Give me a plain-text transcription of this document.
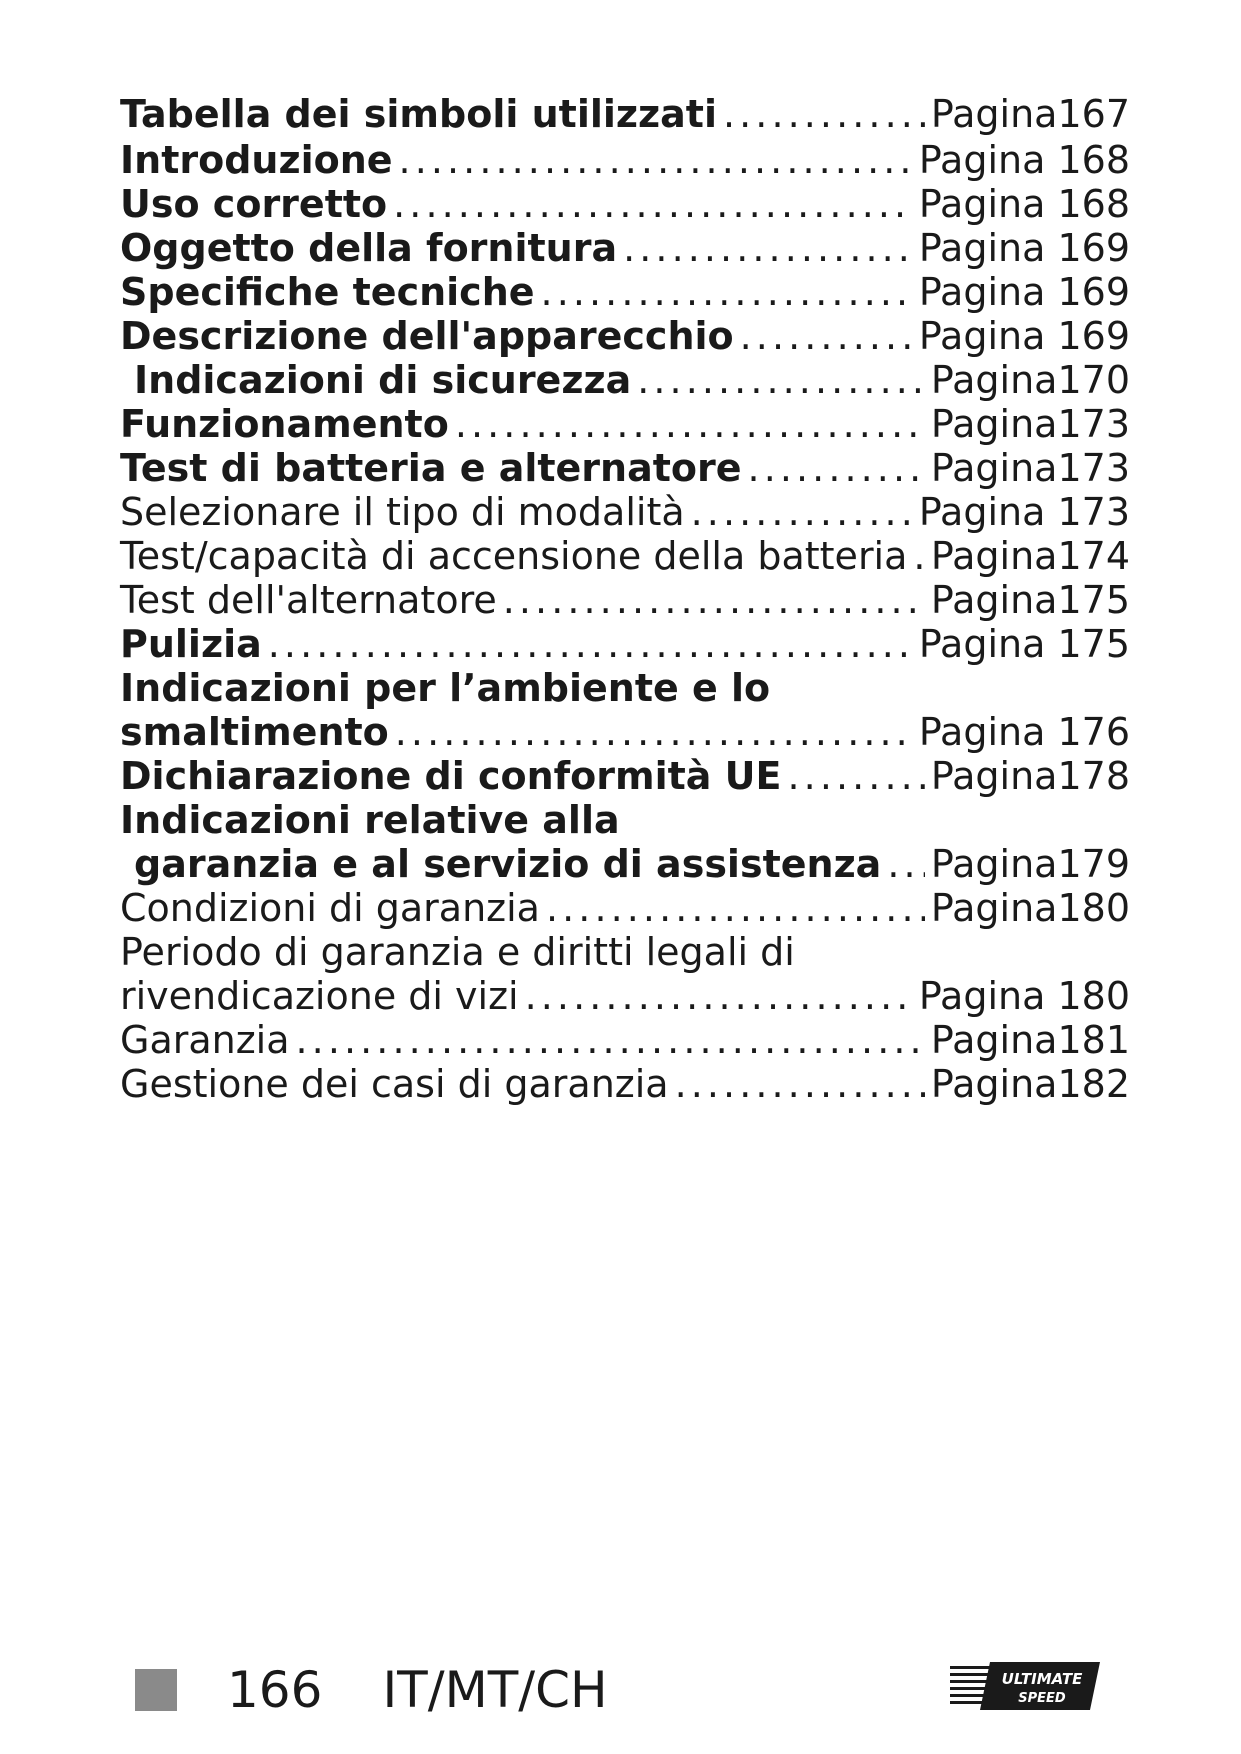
Tabella dei simboli utilizzati . . .	Pagina167
Introduzione . . .	Pagina 168
Uso corretto . . .	Pagina 168
Oggetto della fornitura . . .	Pagina 169
Specifiche tecniche . . .	Pagina 169
Descrizione dell'apparecchio . . .	Pagina 169
Indicazioni di sicurezza . . .	Pagina170
Funzionamento . . .	Pagina173
Test di batteria e alternatore . . .	Pagina173
Selezionare il tipo di modalità . . .	Pagina 173
Test/capacità di accensione della batteria . . . Pagina174
Test dell'alternatore . . .	Pagina175
Pulizia . . .	Pagina 175
Indicazioni per l’ambiente e lo
smaltimento . . .	Pagina 176
Dichiarazione di conformità UE . . .	Pagina178
Indicazioni relative alla
garanzia e al servizio di assistenza . . . Pagina179
Condizioni di garanzia . . .	Pagina180
Periodo di garanzia e diritti legali di
rivendicazione di vizi . . .	Pagina 180
Garanzia . . .	Pagina181
Gestione dei casi di garanzia . . .	Pagina182
166 IT/MT/CH	ULTIMATE
SPEED
